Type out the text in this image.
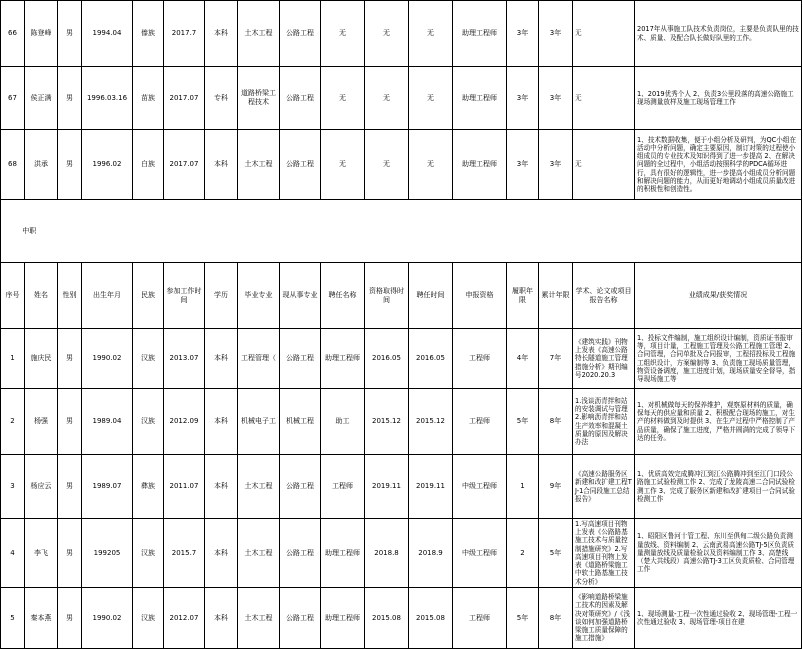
66	陈登峰	男	1994.04	傣族	2017.7	本科	土木工程	公路工程	无	无	无	助理工程师	3年	3年	无	2017年从事施工队技术负责岗位，主要是负责队里的技术、质量、及配合队长做好队里的工作。
67	侯正满	男	1996.03.16	苗族	2017.07	专科	道路桥梁工程技术	公路工程	无	无	无	助理工程师	3年	3年	无	1、2019优秀个人 2、负责3公里段落的高速公路施工现场测量放样及施工现场管理工作
68	洪承	男	1996.02	白族	2017.07	本科	土木工程	公路工程	无	无	无	助理工程师	3年	3年	无	1、技术数据收集，便于小组分析及研判，为QC小组在活动中分析问题，确定主要原因，制订对策的过程使小组成员的专业技术及知识得到了进一步提高 2、在解决问题的全过程中，小组活动按照科学的PDCA循环进行，具有很好的逻辑性，进一步提高小组成员分析问题和解决问题的能力，从而更好地调动小组成员质量改进的积极性和创造性。
中职																
序号	姓名	性别	出生年月	民族	参加工作时间	学历	毕业专业	现从事专业	聘任名称	资格取得时间	聘任时间	申报资格	履职年限	累计年限	学术、论文或项目报告名称	业绩成果/获奖情况
1	施庆民	男	1990.02	汉族	2013.07	本科	工程管理（	公路工程	助理工程师	2016.05	2016.05	工程师	4年	7年	《建筑实践》刊物上发表《高速公路特长隧道施工管理措施分析》期刊编号2020.20.3	1、投标文件编制，施工组织设计编制，资质证书报审等，项目计量，工程施工管理及公路工程施工管理 2、合同管理，合同单批及合同报审，工程招投标及工程施工组织设计，方案编制等 3、负责施工现场质量管理，物资设备调度，施工进度计划，现场质量安全督导，指导现场施工等
2	杨强	男	1989.04	汉族	2012.09	本科	机械电子工	机械工程	助工	2015.12	2015.12	工程师	5年	8年	1.浅谈沥青拌和站的安装调试与管理 2.影响沥青拌和站生产效率和混凝土质量的原因及解决办法	1、对机械做每天的保养维护，观察原材料的质量，确保每天的供应量和质量 2、积极配合现场的施工，对生产的材料做到及时提供 3、在生产过程中严格控制了产品质量，确保了施工进度，严格并圆满的完成了领导下达的任务。
3	杨应云	男	1989.07	彝族	2011.07	本科	土木工程	公路工程	工程师	2019.11	2019.11	中级工程师	1	9年	《高速公路服务区新建和改扩建工程TJ-1合同段施工总结报告》	1、优质高效完成腾冲江到江公路腾冲到至江门口段公路施工试验检测工作 2、完成了龙陵高速二合同试验检测工作 3、完成了服务区新建和改扩建项目一合同试验检测工作
4	李飞	男	199205	汉族	2015.7	本科	土木工程	公路工程	助理工程师	2018.8	2018.9	中级工程师	2	5年	1.写高速项目刊物上发表《公路路基施工技术与质量控制措施研究》2.写高速项目刊物上发表《道路桥梁施工中软土路基施工技术分析》	1、昭阳区鲁河十管工程、东川至俱甸二级公路负责测量放线、资料编制 2、云南武易高速公路TJ-5区负责质量测量放线及质量检验以及资料编制工作 3、高楚线（楚大共线段）高速公路TJ-3工区负责质检、合同管理工作
5	秦本燕	男	1990.02	汉族	2012.07	本科	土木工程	公路工程	助理工程师	2015.08	2015.08	工程师	5年	8年	《影响道路桥梁施工技术的因素及解决对策研究》/《浅谈如何加强道路桥梁施工质量保障的施工措施》	1、现场测量-工程一次性通过验收 2、现场管理-工程一次性通过验收 3、现场管理-项目在建
